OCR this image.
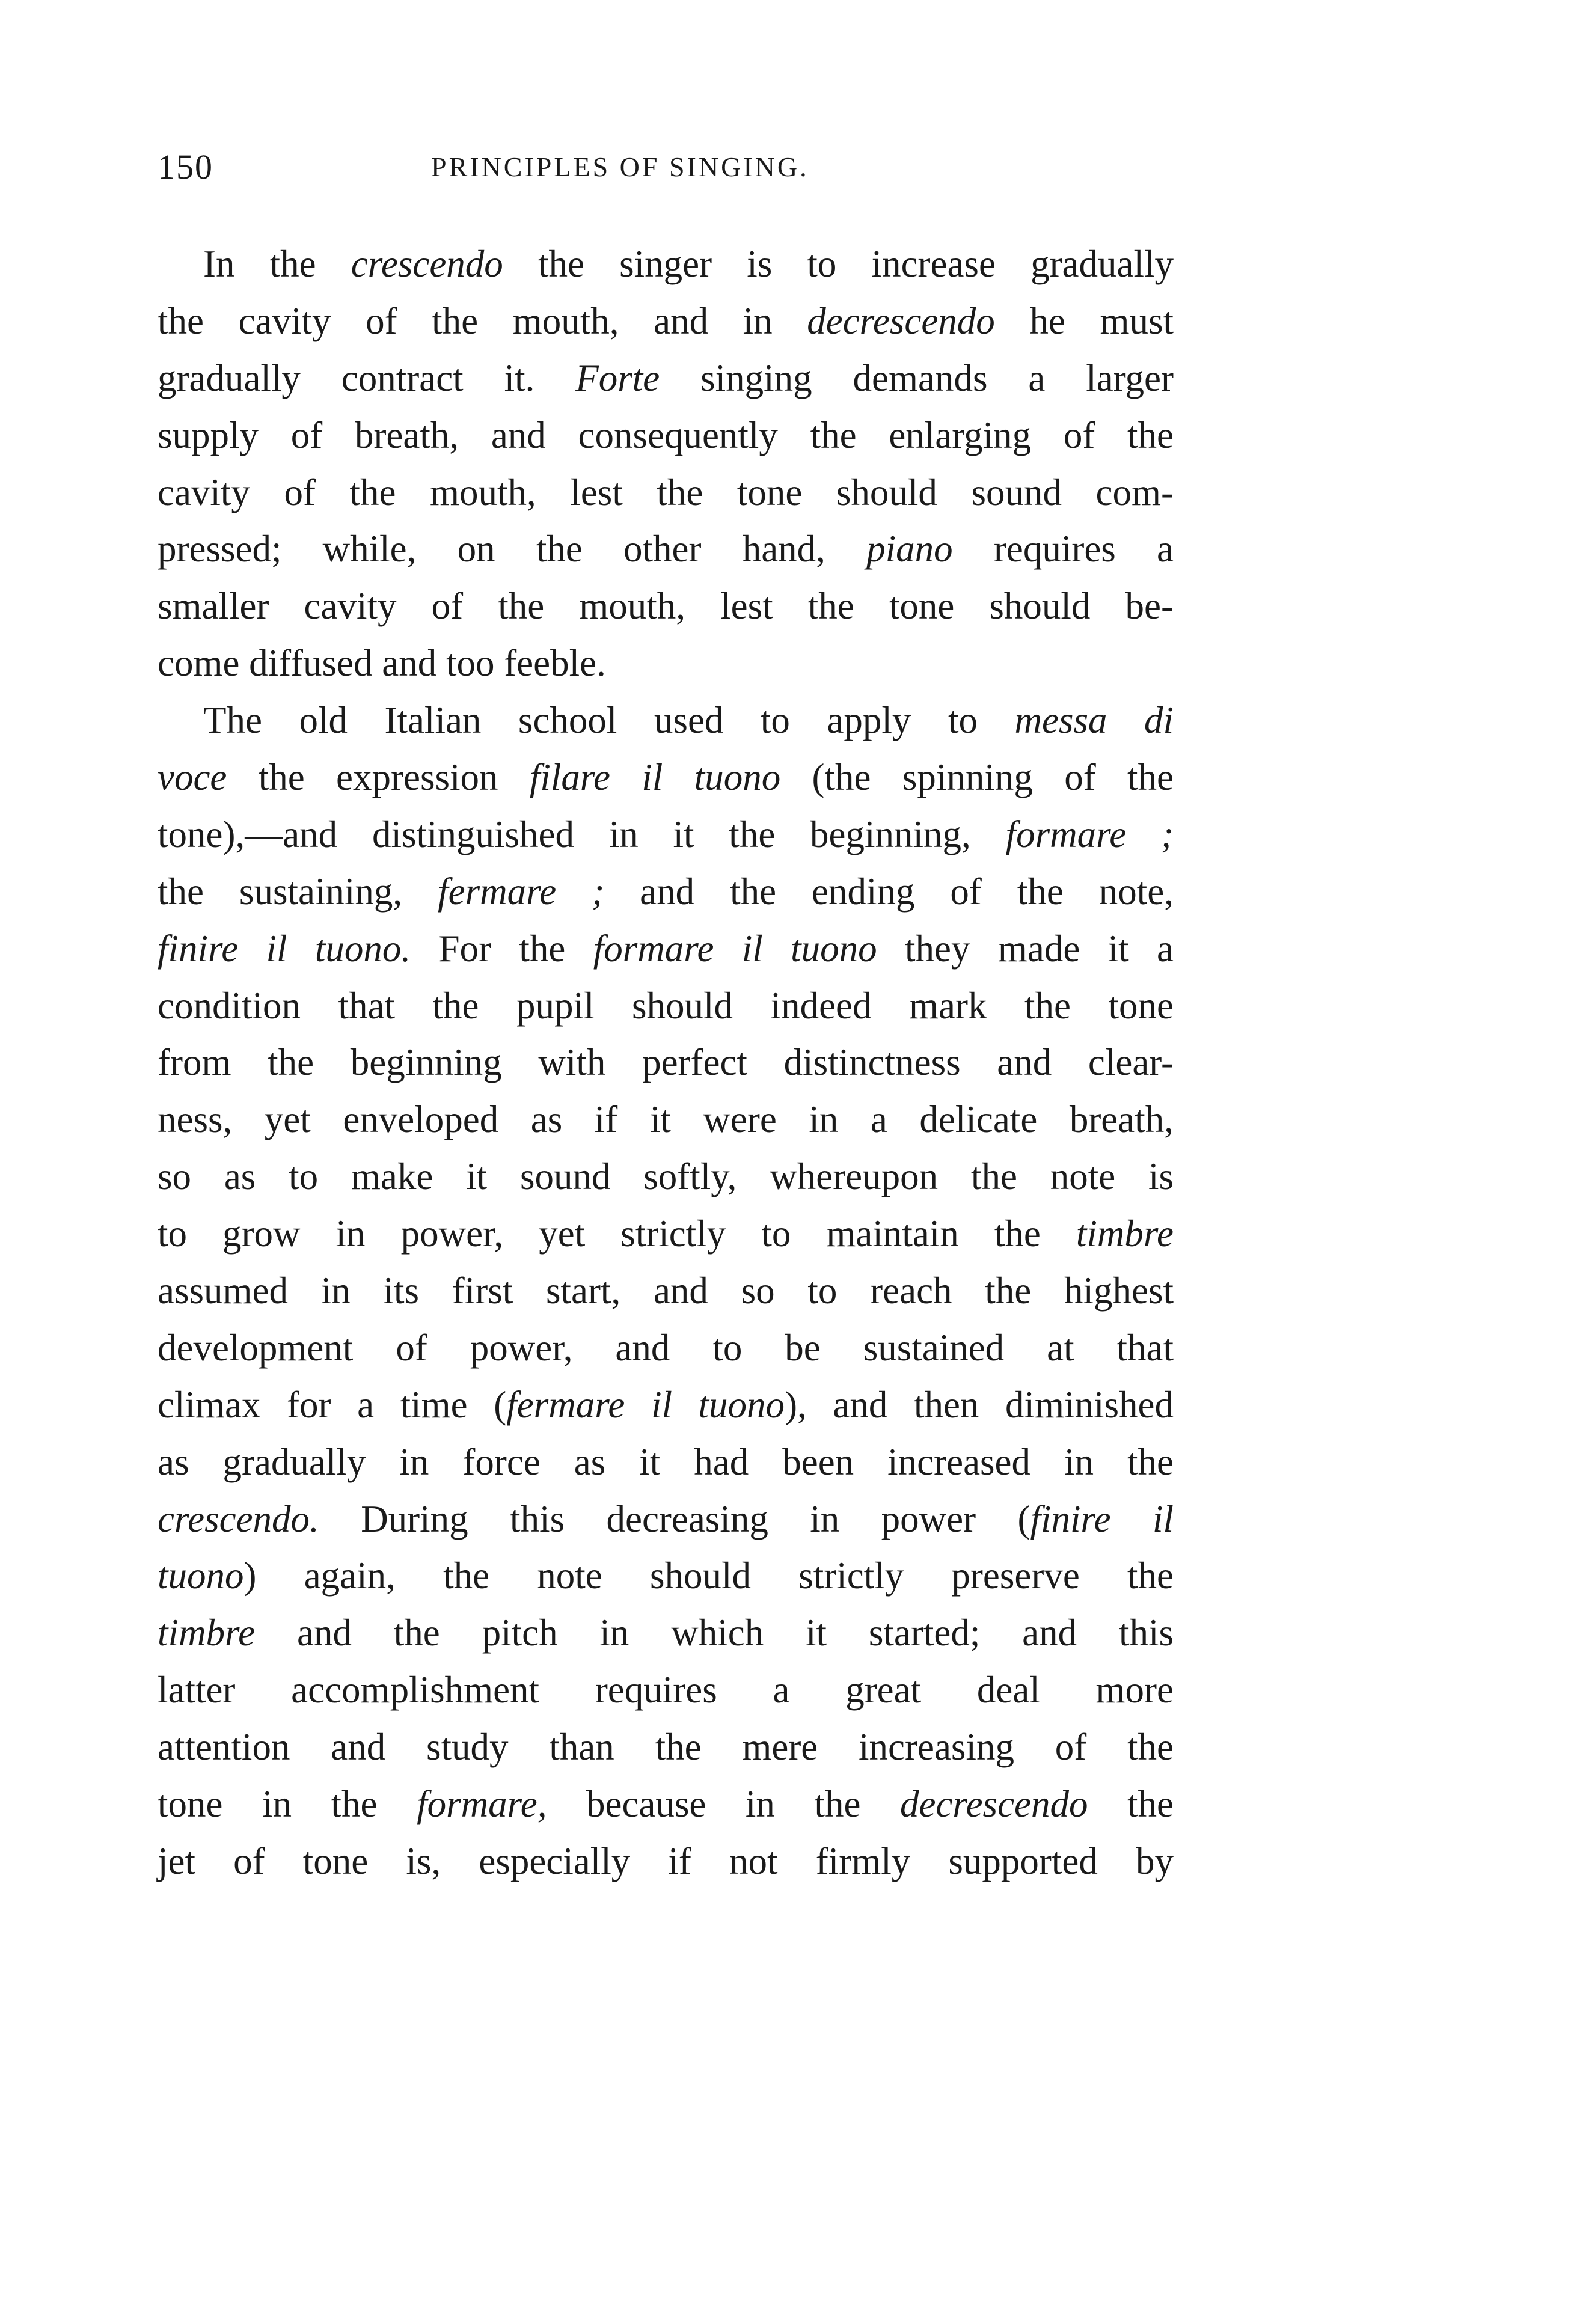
150	PRINCIPLES OF SINGING.
In the crescendo the singer is to increase gradually
the cavity of the mouth, and in decrescendo he must
gradually contract it. Forte singing demands a larger
supply of breath, and consequently the enlarging of the
cavity of the mouth, lest the tone should sound com-
pressed; while, on the other hand, piano requires a
smaller cavity of the mouth, lest the tone should be-
come diffused and too feeble.
The old Italian school used to apply to messa di
voce the expression filare il tuono (the spinning of the
tone),—and distinguished in it the beginning, formare ;
the sustaining, fermare ; and the ending of the note,
finire il tuono. For the formare il tuono they made it a
condition that the pupil should indeed mark the tone
from the beginning with perfect distinctness and clear-
ness, yet enveloped as if it were in a delicate breath,
so as to make it sound softly, whereupon the note is
to grow in power, yet strictly to maintain the timbre
assumed in its first start, and so to reach the highest
development of power, and to be sustained at that
climax for a time (fermare il tuono), and then diminished
as gradually in force as it had been increased in the
crescendo. During this decreasing in power (finire il
tuono) again, the note should strictly preserve the
timbre and the pitch in which it started; and this
latter accomplishment requires a great deal more
attention and study than the mere increasing of the
tone in the formare, because in the decrescendo the
jet of tone is, especially if not firmly supported by
